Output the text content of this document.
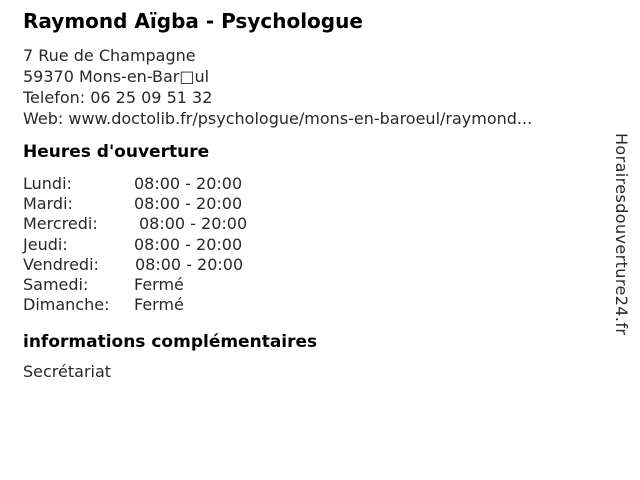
Raymond Aïgba - Psychologue
7 Rue de Champagne
59370 Mons-en-Bar□ul
Telefon: 06 25 09 51 32
Web: www.doctolib.fr/psychologue/mons-en-baroeul/raymond...
Heures d'ouverture
Lundi:	08:00 - 20:00
Mardi:	08:00 - 20:00
Mercredi:	08:00 - 20:00
Jeudi:	08:00 - 20:00
Vendredi:	08:00 - 20:00
Samedi:	Fermé
Dimanche:	Fermé
informations complémentaires
Secrétariat
Horairesdouverture24.fr
